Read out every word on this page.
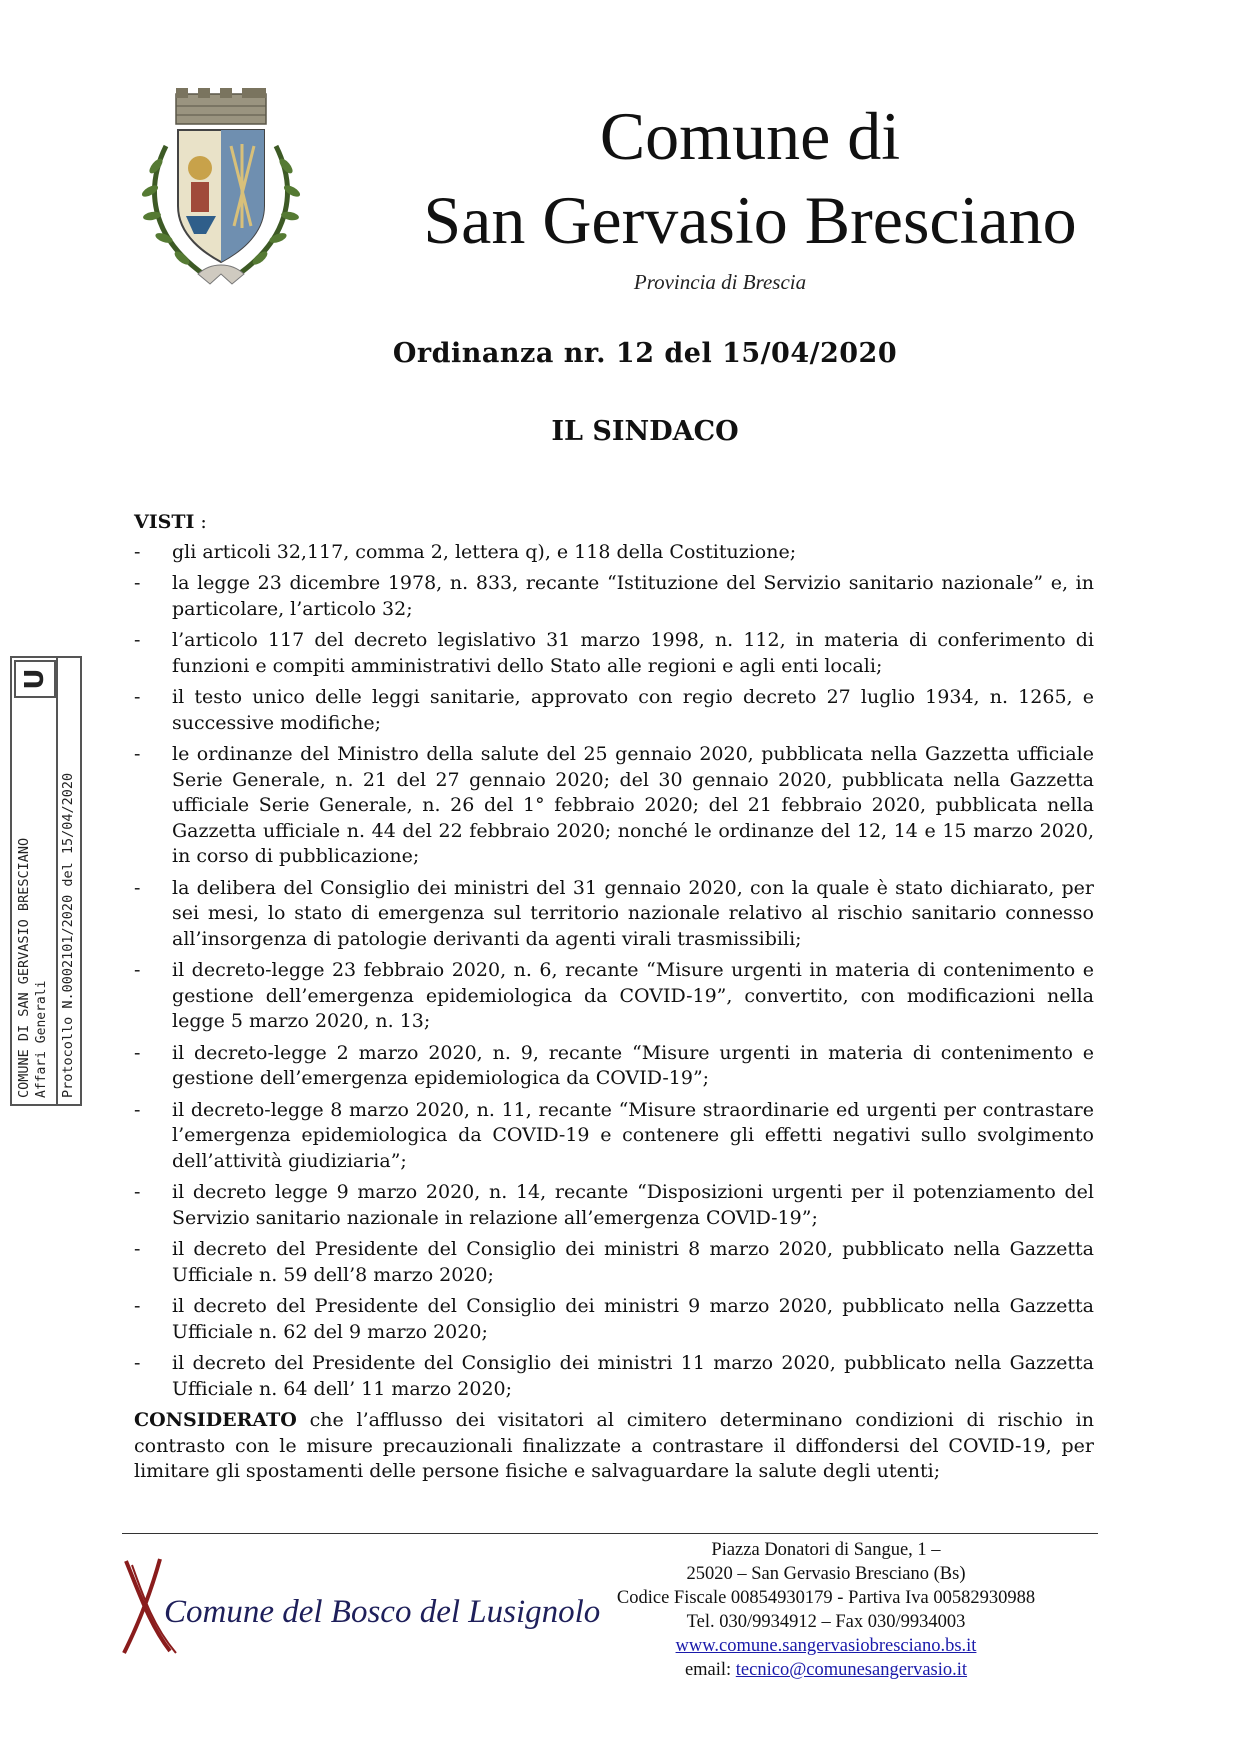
Comune di
San Gervasio Bresciano
Provincia di Brescia
Ordinanza nr. 12 del 15/04/2020
IL SINDACO
COMUNE DI SAN GERVASIO BRESCIANO Affari Generali Protocollo N.0002101/2020 del 15/04/2020
U
VISTI :
- gli articoli 32,117, comma 2, lettera q), e 118 della Costituzione;
- la legge 23 dicembre 1978, n. 833, recante “Istituzione del Servizio sanitario nazionale” e, in particolare, l’articolo 32;
- l’articolo 117 del decreto legislativo 31 marzo 1998, n. 112, in materia di conferimento di funzioni e compiti amministrativi dello Stato alle regioni e agli enti locali;
- il testo unico delle leggi sanitarie, approvato con regio decreto 27 luglio 1934, n. 1265, e successive modifiche;
- le ordinanze del Ministro della salute del 25 gennaio 2020, pubblicata nella Gazzetta ufficiale Serie Generale, n. 21 del 27 gennaio 2020; del 30 gennaio 2020, pubblicata nella Gazzetta ufficiale Serie Generale, n. 26 del 1° febbraio 2020; del 21 febbraio 2020, pubblicata nella Gazzetta ufficiale n. 44 del 22 febbraio 2020; nonché le ordinanze del 12, 14 e 15 marzo 2020, in corso di pubblicazione;
- la delibera del Consiglio dei ministri del 31 gennaio 2020, con la quale è stato dichiarato, per sei mesi, lo stato di emergenza sul territorio nazionale relativo al rischio sanitario connesso all’insorgenza di patologie derivanti da agenti virali trasmissibili;
- il decreto-legge 23 febbraio 2020, n. 6, recante “Misure urgenti in materia di contenimento e gestione dell’emergenza epidemiologica da COVID-19”, convertito, con modificazioni nella legge 5 marzo 2020, n. 13;
- il decreto-legge 2 marzo 2020, n. 9, recante “Misure urgenti in materia di contenimento e gestione dell’emergenza epidemiologica da COVID-19”;
- il decreto-legge 8 marzo 2020, n. 11, recante “Misure straordinarie ed urgenti per contrastare l’emergenza epidemiologica da COVID-19 e contenere gli effetti negativi sullo svolgimento dell’attività giudiziaria”;
- il decreto legge 9 marzo 2020, n. 14, recante “Disposizioni urgenti per il potenziamento del Servizio sanitario nazionale in relazione all’emergenza COVlD-19”;
- il decreto del Presidente del Consiglio dei ministri 8 marzo 2020, pubblicato nella Gazzetta Ufficiale n. 59 dell’8 marzo 2020;
- il decreto del Presidente del Consiglio dei ministri 9 marzo 2020, pubblicato nella Gazzetta Ufficiale n. 62 del 9 marzo 2020;
- il decreto del Presidente del Consiglio dei ministri 11 marzo 2020, pubblicato nella Gazzetta Ufficiale n. 64 dell’ 11 marzo 2020;
CONSIDERATO che l’afflusso dei visitatori al cimitero determinano condizioni di rischio in contrasto con le misure precauzionali finalizzate a contrastare il diffondersi del COVID-19, per limitare gli spostamenti delle persone fisiche e salvaguardare la salute degli utenti;
Comune del Bosco del Lusignolo
Piazza Donatori di Sangue, 1 –
25020 – San Gervasio Bresciano (Bs)
Codice Fiscale 00854930179 - Partiva Iva 00582930988
Tel. 030/9934912 – Fax 030/9934003
www.comune.sangervasiobresciano.bs.it
email: tecnico@comunesangervasio.it
